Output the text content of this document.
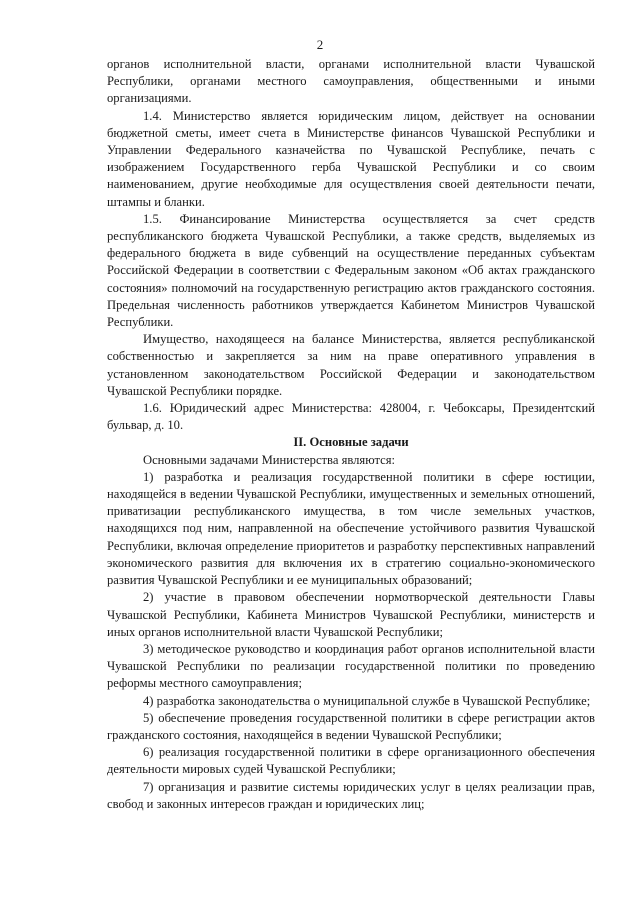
2

органов исполнительной власти, органами исполнительной власти Чувашской Республики, органами местного самоуправления, общественными и иными организациями.

1.4. Министерство является юридическим лицом, действует на основании бюджетной сметы, имеет счета в Министерстве финансов Чувашской Республики и Управлении Федерального казначейства по Чувашской Республике, печать с изображением Государственного герба Чувашской Республики и со своим наименованием, другие необходимые для осуществления своей деятельности печати, штампы и бланки.

1.5. Финансирование Министерства осуществляется за счет средств республиканского бюджета Чувашской Республики, а также средств, выделяемых из федерального бюджета в виде субвенций на осуществление переданных субъектам Российской Федерации в соответствии с Федеральным законом «Об актах гражданского состояния» полномочий на государственную регистрацию актов гражданского состояния. Предельная численность работников утверждается Кабинетом Министров Чувашской Республики.

Имущество, находящееся на балансе Министерства, является республиканской собственностью и закрепляется за ним на праве оперативного управления в установленном законодательством Российской Федерации и законодательством Чувашской Республики порядке.

1.6. Юридический адрес Министерства: 428004, г. Чебоксары, Президентский бульвар, д. 10.

II. Основные задачи

Основными задачами Министерства являются:

1) разработка и реализация государственной политики в сфере юстиции, находящейся в ведении Чувашской Республики, имущественных и земельных отношений, приватизации республиканского имущества, в том числе земельных участков, находящихся под ним, направленной на обеспечение устойчивого развития Чувашской Республики, включая определение приоритетов и разработку перспективных направлений экономического развития для включения их в стратегию социально-экономического развития Чувашской Республики и ее муниципальных образований;

2) участие в правовом обеспечении нормотворческой деятельности Главы Чувашской Республики, Кабинета Министров Чувашской Республики, министерств и иных органов исполнительной власти Чувашской Республики;

3) методическое руководство и координация работ органов исполнительной власти Чувашской Республики по реализации государственной политики по проведению реформы местного самоуправления;

4) разработка законодательства о муниципальной службе в Чувашской Республике;

5) обеспечение проведения государственной политики в сфере регистрации актов гражданского состояния, находящейся в ведении Чувашской Республики;

6) реализация государственной политики в сфере организационного обеспечения деятельности мировых судей Чувашской Республики;

7) организация и развитие системы юридических услуг в целях реализации прав, свобод и законных интересов граждан и юридических лиц;
